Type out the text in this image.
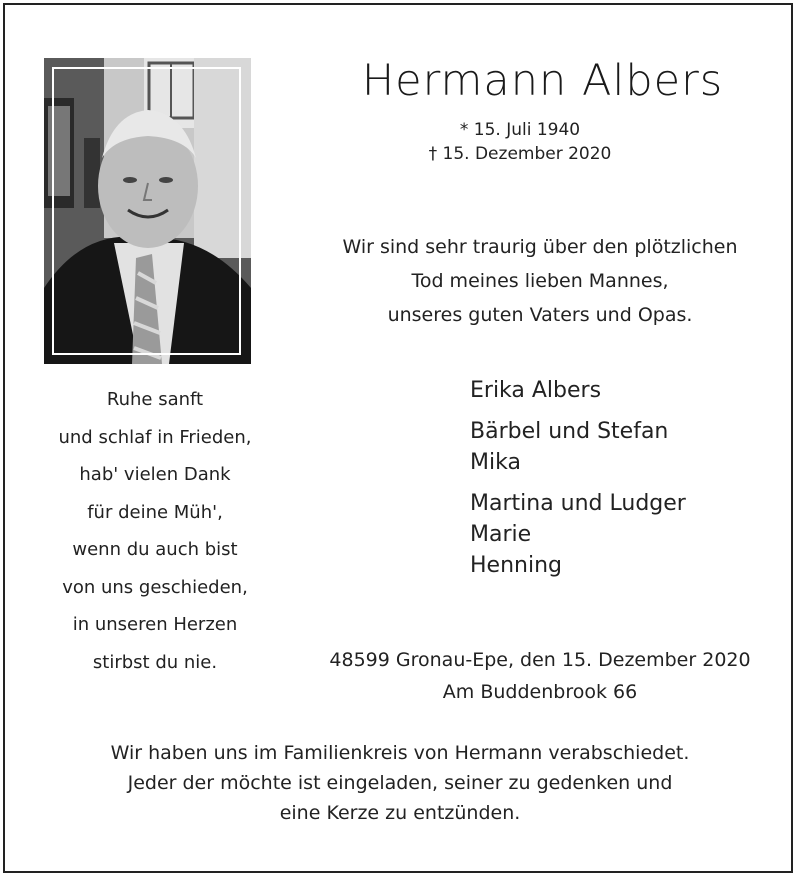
Hermann Albers
* 15. Juli 1940
† 15. Dezember 2020
Wir sind sehr traurig über den plötzlichen
Tod meines lieben Mannes,
unseres guten Vaters und Opas.
Ruhe sanft
und schlaf in Frieden,
hab' vielen Dank
für deine Müh',
wenn du auch bist
von uns geschieden,
in unseren Herzen
stirbst du nie.
Erika Albers
Bärbel und Stefan
Mika
Martina und Ludger
Marie
Henning
48599 Gronau-Epe, den 15. Dezember 2020
Am Buddenbrook 66
Wir haben uns im Familienkreis von Hermann verabschiedet.
Jeder der möchte ist eingeladen, seiner zu gedenken und
eine Kerze zu entzünden.
